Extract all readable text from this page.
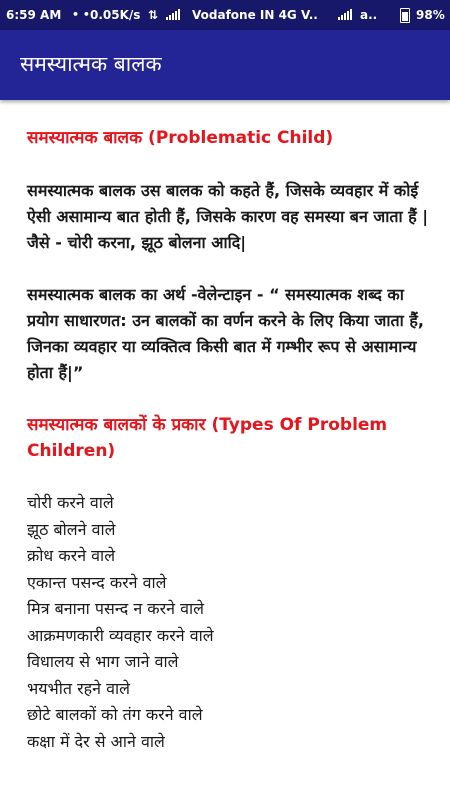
6:59 AM • • 0.05K/s ⇅	Vodafone IN 4G V..	a..	98%
समस्यात्मक बालक
समस्यात्मक बालक (Problematic Child)
समस्यात्मक बालक उस बालक को कहते हैं, जिसके व्यवहार में कोई ऐसी असामान्य बात होती हैं, जिसके कारण वह समस्या बन जाता हैं | जैसे - चोरी करना, झूठ बोलना आदि|
समस्यात्मक बालक का अर्थ -वेलेन्टाइन - “ समस्यात्मक शब्द का प्रयोग साधारणत: उन बालकों का वर्णन करने के लिए किया जाता हैं, जिनका व्यवहार या व्यक्तित्व किसी बात में गम्भीर रूप से असामान्य होता हैं|”
समस्यात्मक बालकों के प्रकार (Types Of Problem Children)
चोरी करने वाले
झूठ बोलने वाले
क्रोध करने वाले
एकान्त पसन्द करने वाले
मित्र बनाना पसन्द न करने वाले
आक्रमणकारी व्यवहार करने वाले
विधालय से भाग जाने वाले
भयभीत रहने वाले
छोटे बालकों को तंग करने वाले
कक्षा में देर से आने वाले
